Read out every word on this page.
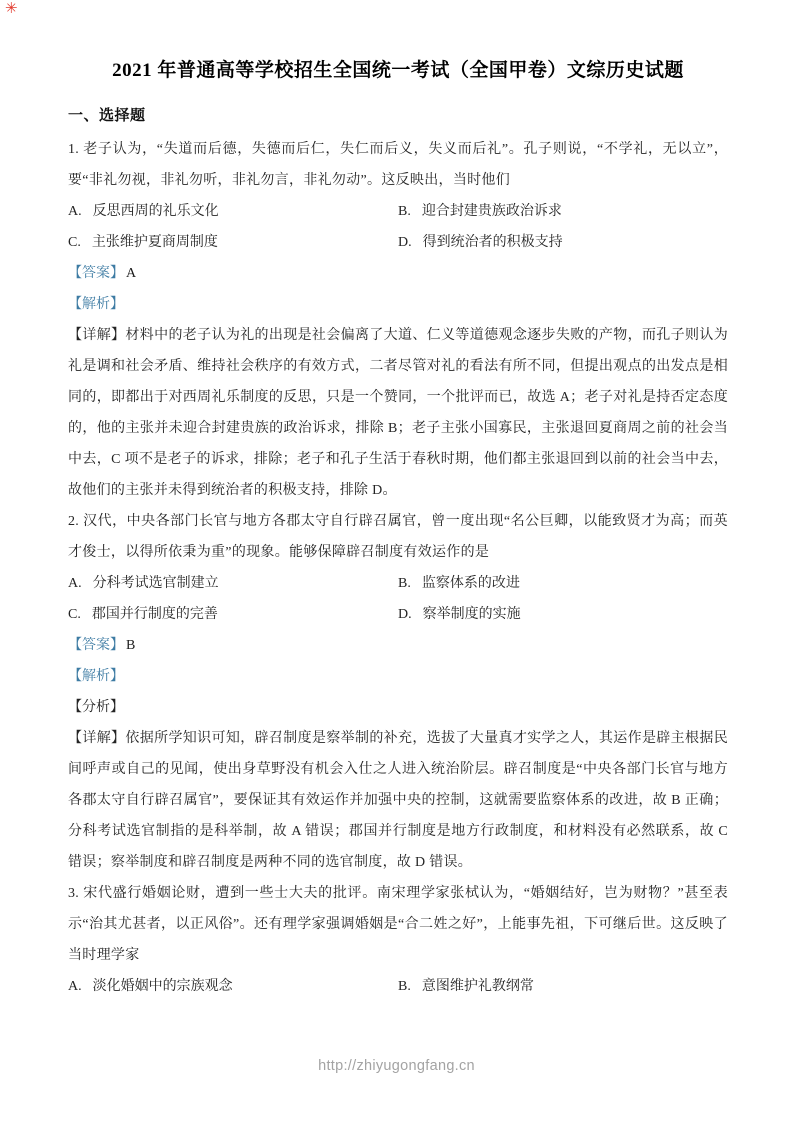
✳
2021 年普通高等学校招生全国统一考试（全国甲卷）文综历史试题
一、选择题

1. 老子认为，“失道而后德，失德而后仁，失仁而后义，失义而后礼”。孔子则说，“不学礼，无以立”，要“非礼勿视，非礼勿听，非礼勿言，非礼勿动”。这反映出，当时他们

A. 反思西周的礼乐文化	B. 迎合封建贵族政治诉求
C. 主张维护夏商周制度	D. 得到统治者的积极支持

【答案】 A

【解析】

【详解】材料中的老子认为礼的出现是社会偏离了大道、仁义等道德观念逐步失败的产物，而孔子则认为礼是调和社会矛盾、维持社会秩序的有效方式，二者尽管对礼的看法有所不同，但提出观点的出发点是相同的，即都出于对西周礼乐制度的反思，只是一个赞同，一个批评而已，故选 A；老子对礼是持否定态度的，他的主张并未迎合封建贵族的政治诉求，排除 B；老子主张小国寡民，主张退回夏商周之前的社会当中去，C 项不是老子的诉求，排除；老子和孔子生活于春秋时期，他们都主张退回到以前的社会当中去，故他们的主张并未得到统治者的积极支持，排除 D。

2. 汉代，中央各部门长官与地方各郡太守自行辟召属官，曾一度出现“名公巨卿，以能致贤才为高；而英才俊士，以得所依秉为重”的现象。能够保障辟召制度有效运作的是

A. 分科考试选官制建立	B. 监察体系的改进
C. 郡国并行制度的完善	D. 察举制度的实施

【答案】 B

【解析】

【分析】

【详解】依据所学知识可知，辟召制度是察举制的补充，选拔了大量真才实学之人，其运作是辟主根据民间呼声或自己的见闻，使出身草野没有机会入仕之人进入统治阶层。辟召制度是“中央各部门长官与地方各郡太守自行辟召属官”，要保证其有效运作并加强中央的控制，这就需要监察体系的改进，故 B 正确；分科考试选官制指的是科举制，故 A 错误；郡国并行制度是地方行政制度，和材料没有必然联系，故 C 错误；察举制度和辟召制度是两种不同的选官制度，故 D 错误。

3. 宋代盛行婚姻论财，遭到一些士大夫的批评。南宋理学家张栻认为，“婚姻结好，岂为财物？”甚至表示“治其尤甚者，以正风俗”。还有理学家强调婚姻是“合二姓之好”，上能事先祖，下可继后世。这反映了当时理学家

A. 淡化婚姻中的宗族观念	B. 意图维护礼教纲常
http://zhiyugongfang.cn
